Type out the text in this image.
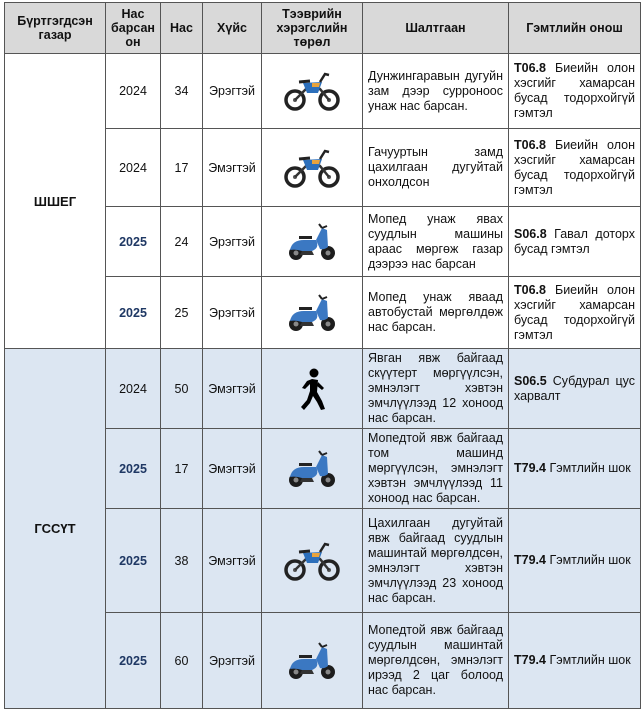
Бүртгэгдсэн газар	Нас барсан он	Нас	Хүйс	Тээврийн хэрэгслийн төрөл	Шалтгаан	Гэмтлийн онош
ШШЕГ	2024	34	Эрэгтэй		Дунжингаравын дугуйн зам дээр сурроноос унаж нас барсан.	T06.8 Биеийн олон хэсгийг хамарсан бусад тодорхойгүй гэмтэл
	2024	17	Эмэгтэй		Гачууртын замд цахилгаан дугуйтай онхолдсон	T06.8 Биеийн олон хэсгийг хамарсан бусад тодорхойгүй гэмтэл
	2025	24	Эрэгтэй		Мопед унаж явах суудлын машины араас мөргөж газар дээрээ нас барсан	S06.8 Гавал доторх бусад гэмтэл
	2025	25	Эрэгтэй		Мопед унаж яваад автобустай мөргөлдөж нас барсан.	T06.8 Биеийн олон хэсгийг хамарсан бусад тодорхойгүй гэмтэл
ГССҮТ	2024	50	Эмэгтэй		Явган явж байгаад скүүтерт мөргүүлсэн, эмнэлэгт хэвтэн эмчлүүлээд 12 хоноод нас барсан.	S06.5 Субдурал цус харвалт
	2025	17	Эмэгтэй		Мопедтой явж байгаад том машинд мөргүүлсэн, эмнэлэгт хэвтэн эмчлүүлээд 11 хоноод нас барсан.	T79.4 Гэмтлийн шок
	2025	38	Эмэгтэй		Цахилгаан дугуйтай явж байгаад суудлын машинтай мөргөлдсөн, эмнэлэгт хэвтэн эмчлүүлээд 23 хоноод нас барсан.	T79.4 Гэмтлийн шок
	2025	60	Эрэгтэй		Мопедтой явж байгаад суудлын машинтай мөргөлдсөн, эмнэлэгт ирээд 2 цаг болоод нас барсан.	T79.4 Гэмтлийн шок
